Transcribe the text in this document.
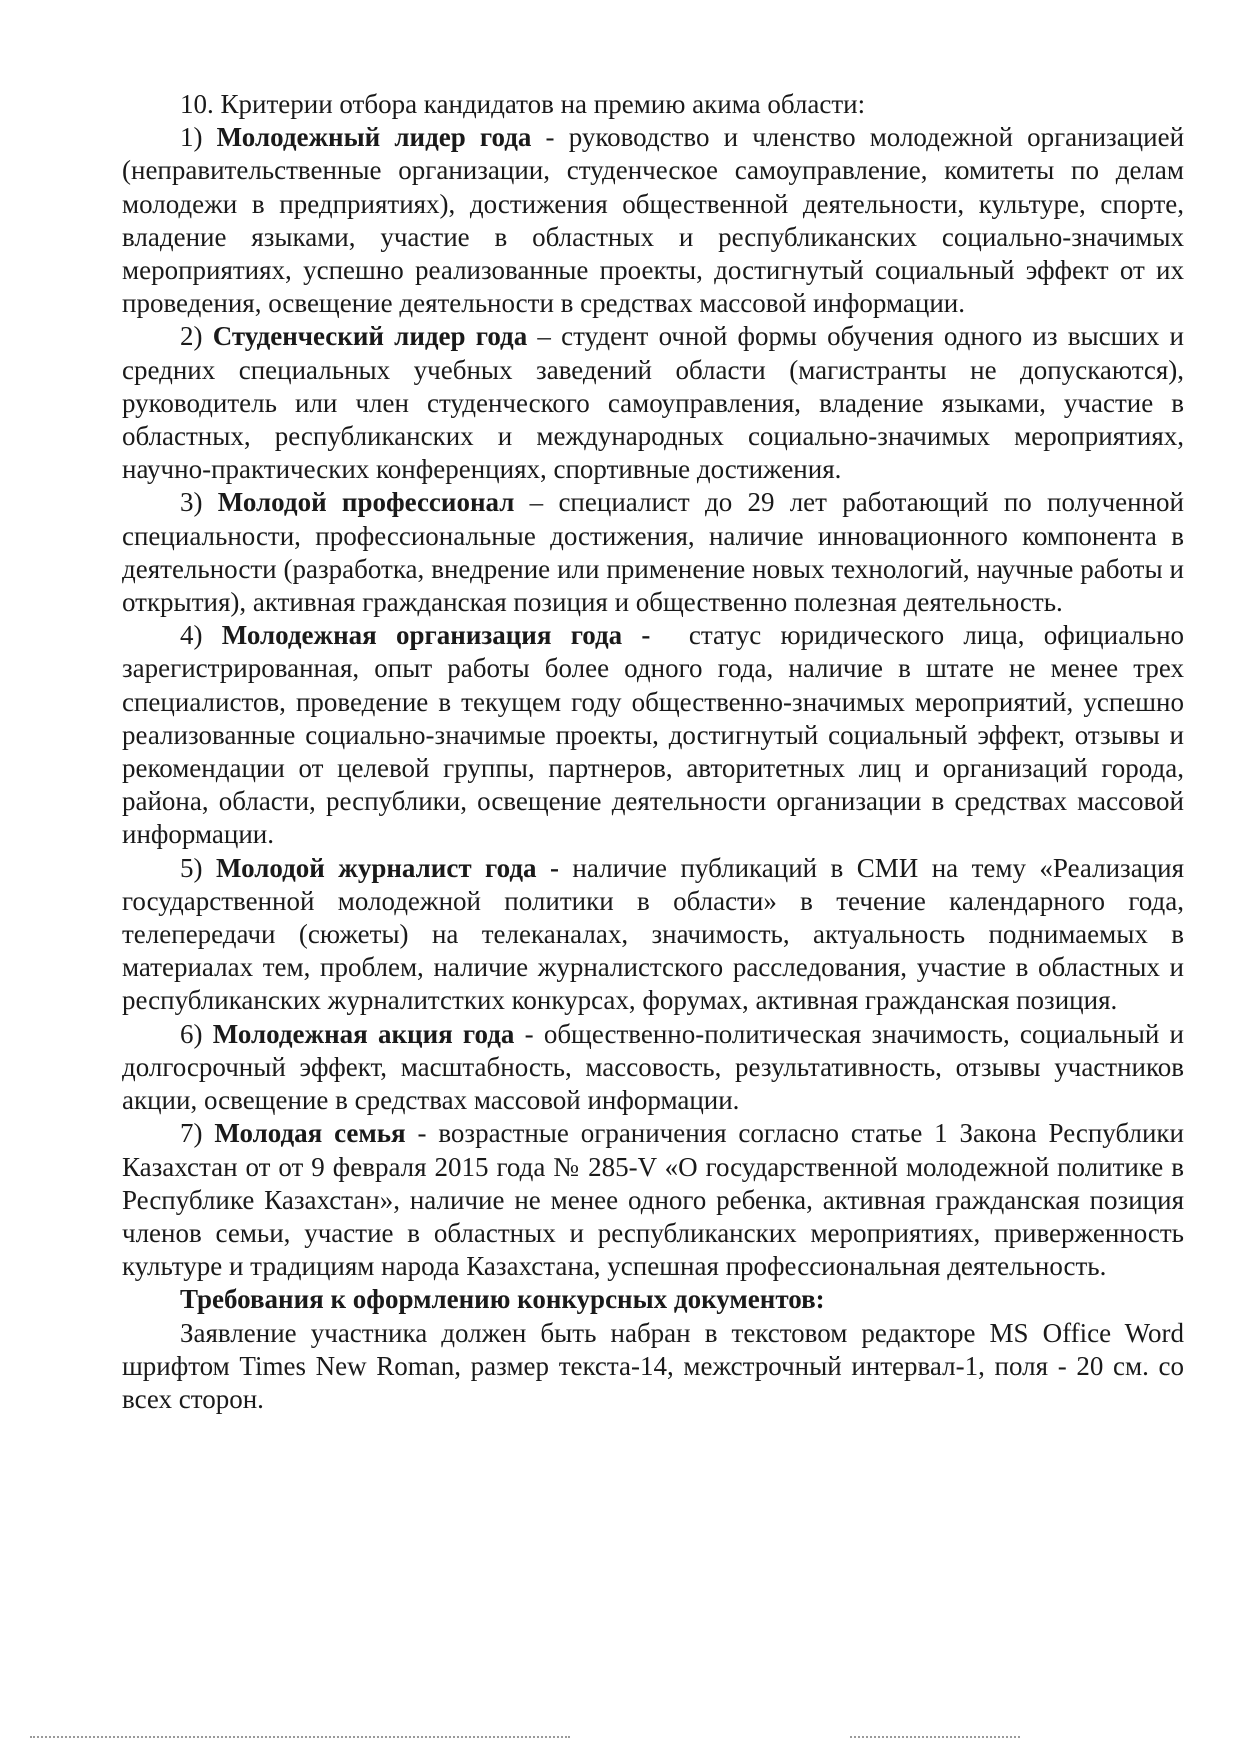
10. Критерии отбора кандидатов на премию акима области:

1) Молодежный лидер года - руководство и членство молодежной организацией (неправительственные организации, студенческое самоуправление, комитеты по делам молодежи в предприятиях), достижения общественной деятельности, культуре, спорте, владение языками, участие в областных и республиканских социально-значимых мероприятиях, успешно реализованные проекты, достигнутый социальный эффект от их проведения, освещение деятельности в средствах массовой информации.

2) Студенческий лидер года – студент очной формы обучения одного из высших и средних специальных учебных заведений области (магистранты не допускаются), руководитель или член студенческого самоуправления, владение языками, участие в областных, республиканских и международных социально-значимых мероприятиях, научно-практических конференциях, спортивные достижения.

3) Молодой профессионал – специалист до 29 лет работающий по полученной специальности, профессиональные достижения, наличие инновационного компонента в деятельности (разработка, внедрение или применение новых технологий, научные работы и открытия), активная гражданская позиция и общественно полезная деятельность.

4) Молодежная организация года - статус юридического лица, официально зарегистрированная, опыт работы более одного года, наличие в штате не менее трех специалистов, проведение в текущем году общественно-значимых мероприятий, успешно реализованные социально-значимые проекты, достигнутый социальный эффект, отзывы и рекомендации от целевой группы, партнеров, авторитетных лиц и организаций города, района, области, республики, освещение деятельности организации в средствах массовой информации.

5) Молодой журналист года - наличие публикаций в СМИ на тему «Реализация государственной молодежной политики в области» в течение календарного года, телепередачи (сюжеты) на телеканалах, значимость, актуальность поднимаемых в материалах тем, проблем, наличие журналистского расследования, участие в областных и республиканских журналитстких конкурсах, форумах, активная гражданская позиция.

6) Молодежная акция года - общественно-политическая значимость, социальный и долгосрочный эффект, масштабность, массовость, результативность, отзывы участников акции, освещение в средствах массовой информации.

7) Молодая семья - возрастные ограничения согласно статье 1 Закона Республики Казахстан от от 9 февраля 2015 года № 285-V «О государственной молодежной политике в Республике Казахстан», наличие не менее одного ребенка, активная гражданская позиция членов семьи, участие в областных и республиканских мероприятиях, приверженность культуре и традициям народа Казахстана, успешная профессиональная деятельность.

Требования к оформлению конкурсных документов:

Заявление участника должен быть набран в текстовом редакторе MS Office Word шрифтом Times New Roman, размер текста-14, межстрочный интервал-1, поля - 20 см. со всех сторон.
